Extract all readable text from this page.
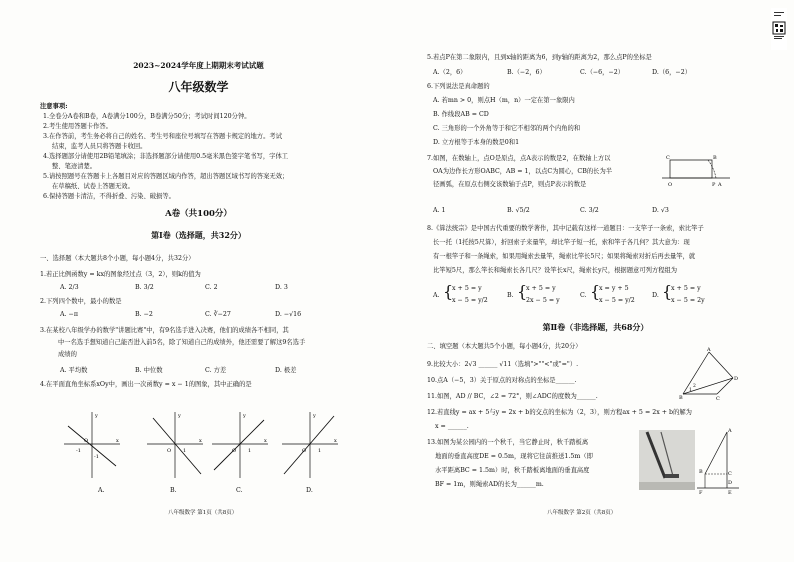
2023~2024学年度上期期末考试试题
八年级数学
注意事项:
1.全卷分A卷和B卷，A卷满分100分，B卷满分50分；考试时间120分钟。
2.考生使用答题卡作答。
3.在作答前，考生务必将自己的姓名、考生号和座位号填写在答题卡规定的地方。考试
结束，监考人员只将答题卡收回。
4.选择题部分请使用2B铅笔填涂；非选择题部分请使用0.5毫米黑色签字笔书写，字体工
整、笔迹清楚。
5.请按照题号在答题卡上各题目对应的答题区域内作答，超出答题区域书写的答案无效；
在草稿纸、试卷上答题无效。
6.保持答题卡清洁，不得折叠、污染、破损等。
A卷（共100分）
第Ⅰ卷（选择题，共32分）
一、选择题（本大题共8个小题，每小题4分，共32分）
1.若正比例函数y = kx的图象经过点（3，2），则k的值为
A. 2/3	B. 3/2	C. 2	D. 3
2.下列四个数中，最小的数是
A. −π	B. −2	C. ∛−27	D. −√16
3.在某校八年级学办的数学"讲题比赛"中，有9名选手进入决赛，他们的成绩各不相同，其
中一名选手想知道自己能否进入前5名，除了知道自己的成绩外，他还需要了解这9名选手
成绩的
A. 平均数	B. 中位数	C. 方差	D. 极差
4.在平面直角坐标系xOy中，画出一次函数y = x − 1的图象，其中正确的是
O
-1
-1
y
x
O 1
y
x
O 1
y
x
O 1
y
x
A.	B.	C.	D.
八年级数学 第1页（共8页）
5.若点P在第二象限内，且到x轴的距离为6，到y轴的距离为2，那么点P的坐标是
A.（2，6）	B.（−2，6）	C.（−6，−2）	D.（6，−2）
6.下列说法是真命题的
A. 若mn > 0，则点H（m，n）一定在第一象限内
B. 作线段AB = CD
C. 三角形的一个外角等于和它不相邻的两个内角的和
D. 立方根等于本身的数是0和1
7.如图，在数轴上，点O是原点，点A表示的数是2，在数轴上方以
OA为边作长方形OABC，AB = 1，以点C为圆心，CB的长为半
径画弧，在原点右侧交该数轴于点P，则点P表示的数是
C	B
O	P A
A. 1	B. √5/2	C. 3/2	D. √3
8.《算法统宗》是中国古代重要的数学著作，其中记载有这样一道题目：一支竿子一条索，索比竿子
长一托（1托按5尺算），折回索子来量竿，却比竿子短一托，索和竿子各几何？其大意为：现
有一根竿子和一条绳索，如果用绳索去量竿，绳索比竿长5尺；如果将绳索对折后再去量竿，就
比竿短5尺，那么竿长和绳索长各几尺？设竿长x尺，绳索长y尺，根据题意可列方程组为
A. {
x + 5 = y
x − 5 = y/2
B. {
x + 5 = y
2x − 5 = y
C. {
x = y + 5
x − 5 = y/2
D. {
x + 5 = y
x − 5 = 2y
第Ⅱ卷（非选择题，共68分）
二、填空题（本大题共5个小题，每小题4分，共20分）
9.比较大小：2√3 ______ √11（选填">""<"或"="）.
10.点A（−5，3）关于原点的对称点的坐标是______.
11.如图，AD // BC，∠2 = 72°，则∠ADC的度数为______.
A
D
B	C
1
2
12.若直线y = ax + 5与y = 2x + b的交点的坐标为（2，3），则方程ax + 5 = 2x + b的解为
x = ______.
13.如图为某公园内的一个秋千，当它静止时，秋千踏板离
地面的垂直高度DE = 0.5m，现将它往前推送1.5m（即
水平距离BC = 1.5m）时，秋千踏板离地面的垂直高度
BF = 1m，则绳索AD的长为______m.
A
B	C
D
E
F
八年级数学 第2页（共8页）
